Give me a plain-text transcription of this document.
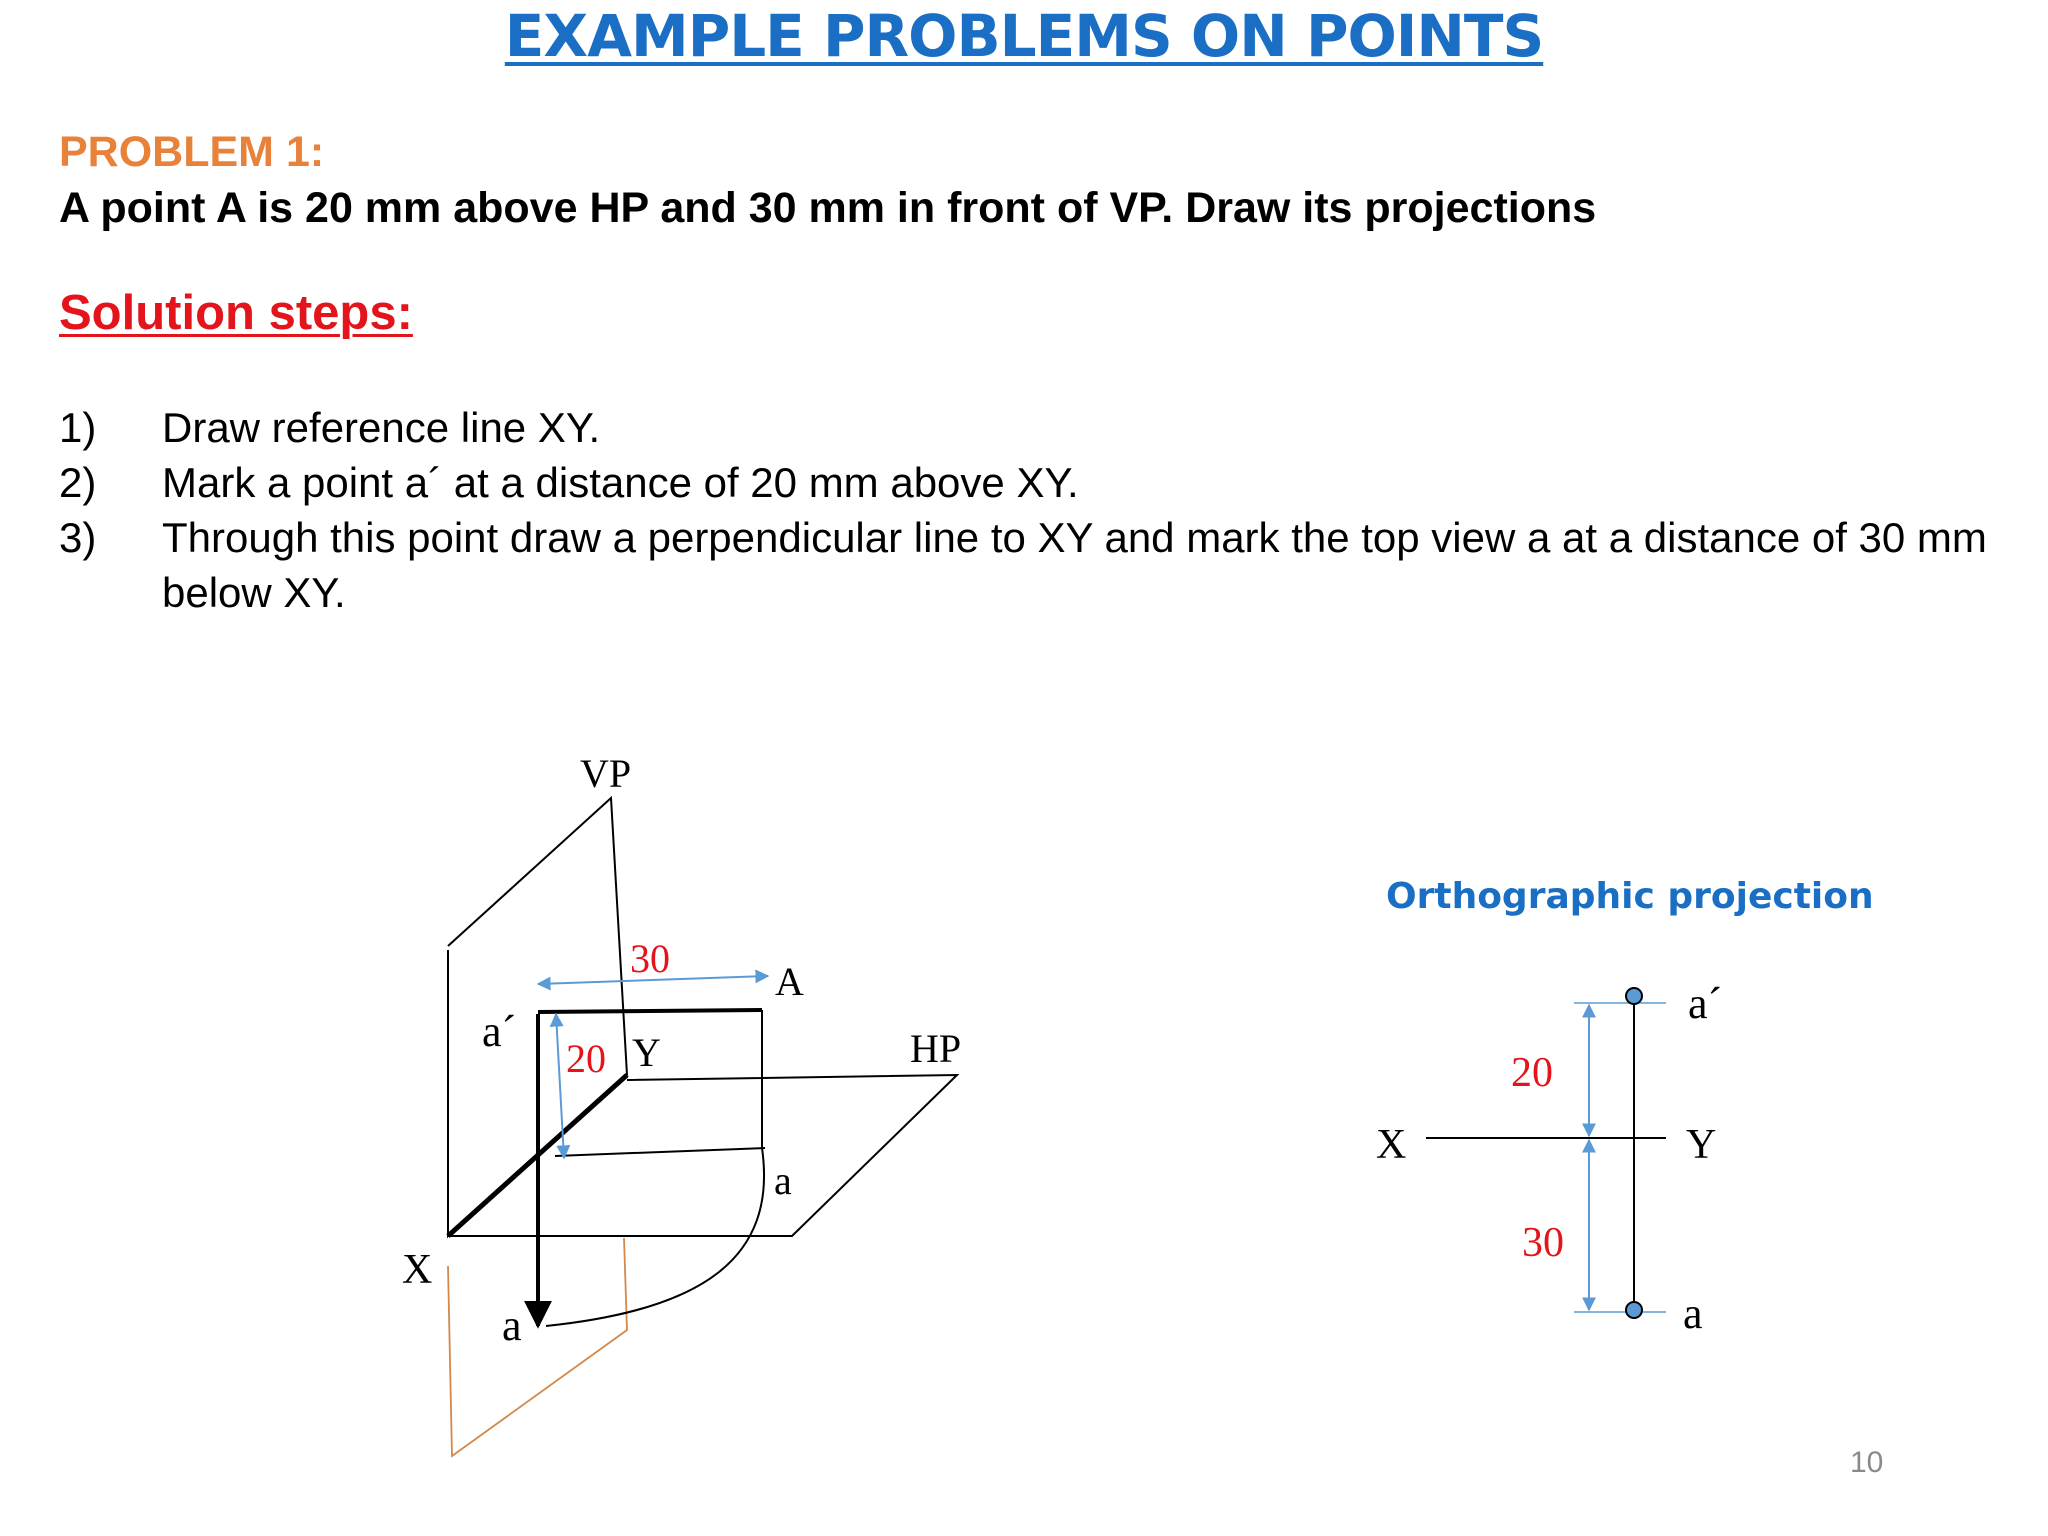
EXAMPLE PROBLEMS ON POINTS
PROBLEM 1:
A point A is 20 mm above HP and 30 mm in front of VP. Draw its projections
Solution steps:
1) Draw reference line XY.
2) Mark a point a´ at a distance of 20 mm above XY.
3) Through this point draw a perpendicular line to XY and mark the top view a at a distance of 30 mm below XY.
VP
HP
X
Y
A
a´
a
a
30
20
Orthographic projection
X	Y
a´
a
20
30
10
